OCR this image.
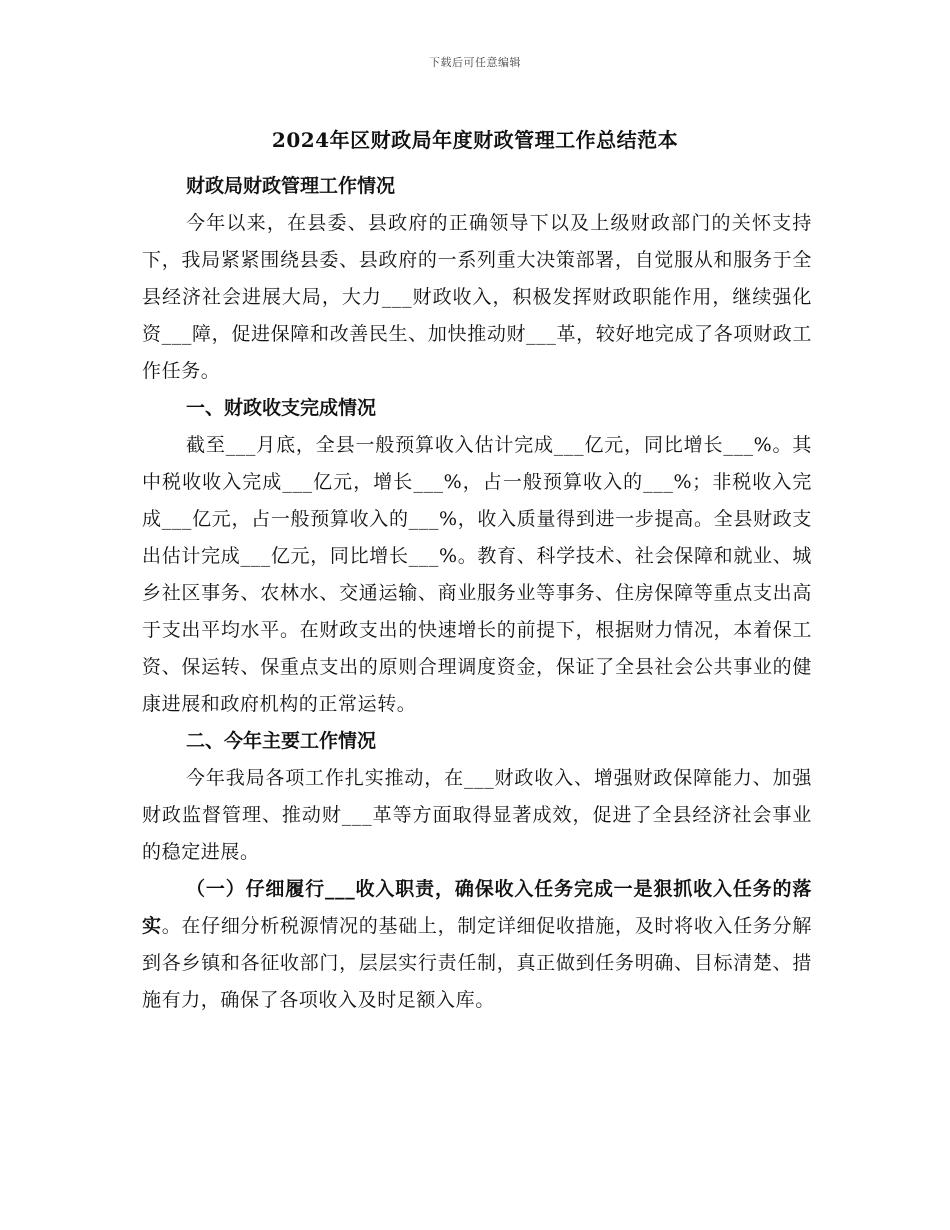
下载后可任意编辑
2024年区财政局年度财政管理工作总结范本

财政局财政管理工作情况

今年以来，在县委、县政府的正确领导下以及上级财政部门的关怀支持下，我局紧紧围绕县委、县政府的一系列重大决策部署，自觉服从和服务于全县经济社会进展大局，大力___财政收入，积极发挥财政职能作用，继续强化资___障，促进保障和改善民生、加快推动财___革，较好地完成了各项财政工作任务。

一、财政收支完成情况

截至___月底，全县一般预算收入估计完成___亿元，同比增长___%。其中税收收入完成___亿元，增长___%，占一般预算收入的___%；非税收入完成___亿元，占一般预算收入的___%，收入质量得到进一步提高。全县财政支出估计完成___亿元，同比增长___%。教育、科学技术、社会保障和就业、城乡社区事务、农林水、交通运输、商业服务业等事务、住房保障等重点支出高于支出平均水平。在财政支出的快速增长的前提下，根据财力情况，本着保工资、保运转、保重点支出的原则合理调度资金，保证了全县社会公共事业的健康进展和政府机构的正常运转。

二、今年主要工作情况

今年我局各项工作扎实推动，在___财政收入、增强财政保障能力、加强财政监督管理、推动财___革等方面取得显著成效，促进了全县经济社会事业的稳定进展。

（一）仔细履行___收入职责，确保收入任务完成一是狠抓收入任务的落实。在仔细分析税源情况的基础上，制定详细促收措施，及时将收入任务分解到各乡镇和各征收部门，层层实行责任制，真正做到任务明确、目标清楚、措施有力，确保了各项收入及时足额入库。
